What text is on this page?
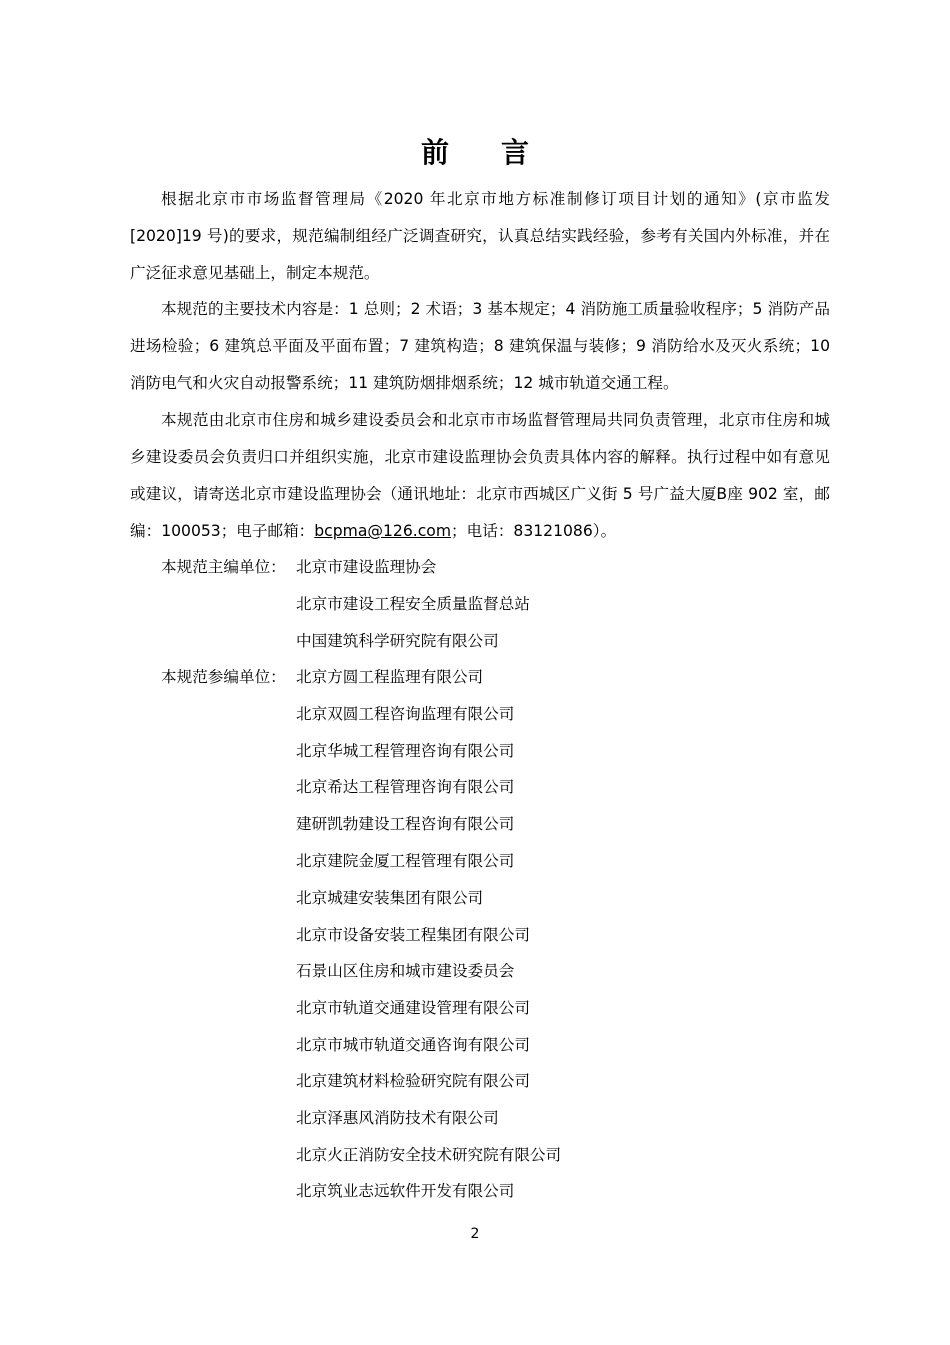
前言

根据北京市市场监督管理局《2020 年北京市地方标准制修订项目计划的通知》(京市监发[2020]19 号)的要求，规范编制组经广泛调查研究，认真总结实践经验，参考有关国内外标准，并在广泛征求意见基础上，制定本规范。

本规范的主要技术内容是：1 总则；2 术语；3 基本规定；4 消防施工质量验收程序；5 消防产品进场检验；6 建筑总平面及平面布置；7 建筑构造；8 建筑保温与装修；9 消防给水及灭火系统；10 消防电气和火灾自动报警系统；11 建筑防烟排烟系统；12 城市轨道交通工程。

本规范由北京市住房和城乡建设委员会和北京市市场监督管理局共同负责管理，北京市住房和城乡建设委员会负责归口并组织实施，北京市建设监理协会负责具体内容的解释。执行过程中如有意见或建议，请寄送北京市建设监理协会（通讯地址：北京市西城区广义街 5 号广益大厦B座 902 室，邮编：100053；电子邮箱：bcpma@126.com；电话：83121086）。

本规范主编单位： 北京市建设监理协会
北京市建设工程安全质量监督总站
中国建筑科学研究院有限公司
本规范参编单位： 北京方圆工程监理有限公司
北京双圆工程咨询监理有限公司
北京华城工程管理咨询有限公司
北京希达工程管理咨询有限公司
建研凯勃建设工程咨询有限公司
北京建院金厦工程管理有限公司
北京城建安装集团有限公司
北京市设备安装工程集团有限公司
石景山区住房和城市建设委员会
北京市轨道交通建设管理有限公司
北京市城市轨道交通咨询有限公司
北京建筑材料检验研究院有限公司
北京泽惠风消防技术有限公司
北京火正消防安全技术研究院有限公司
北京筑业志远软件开发有限公司
2
